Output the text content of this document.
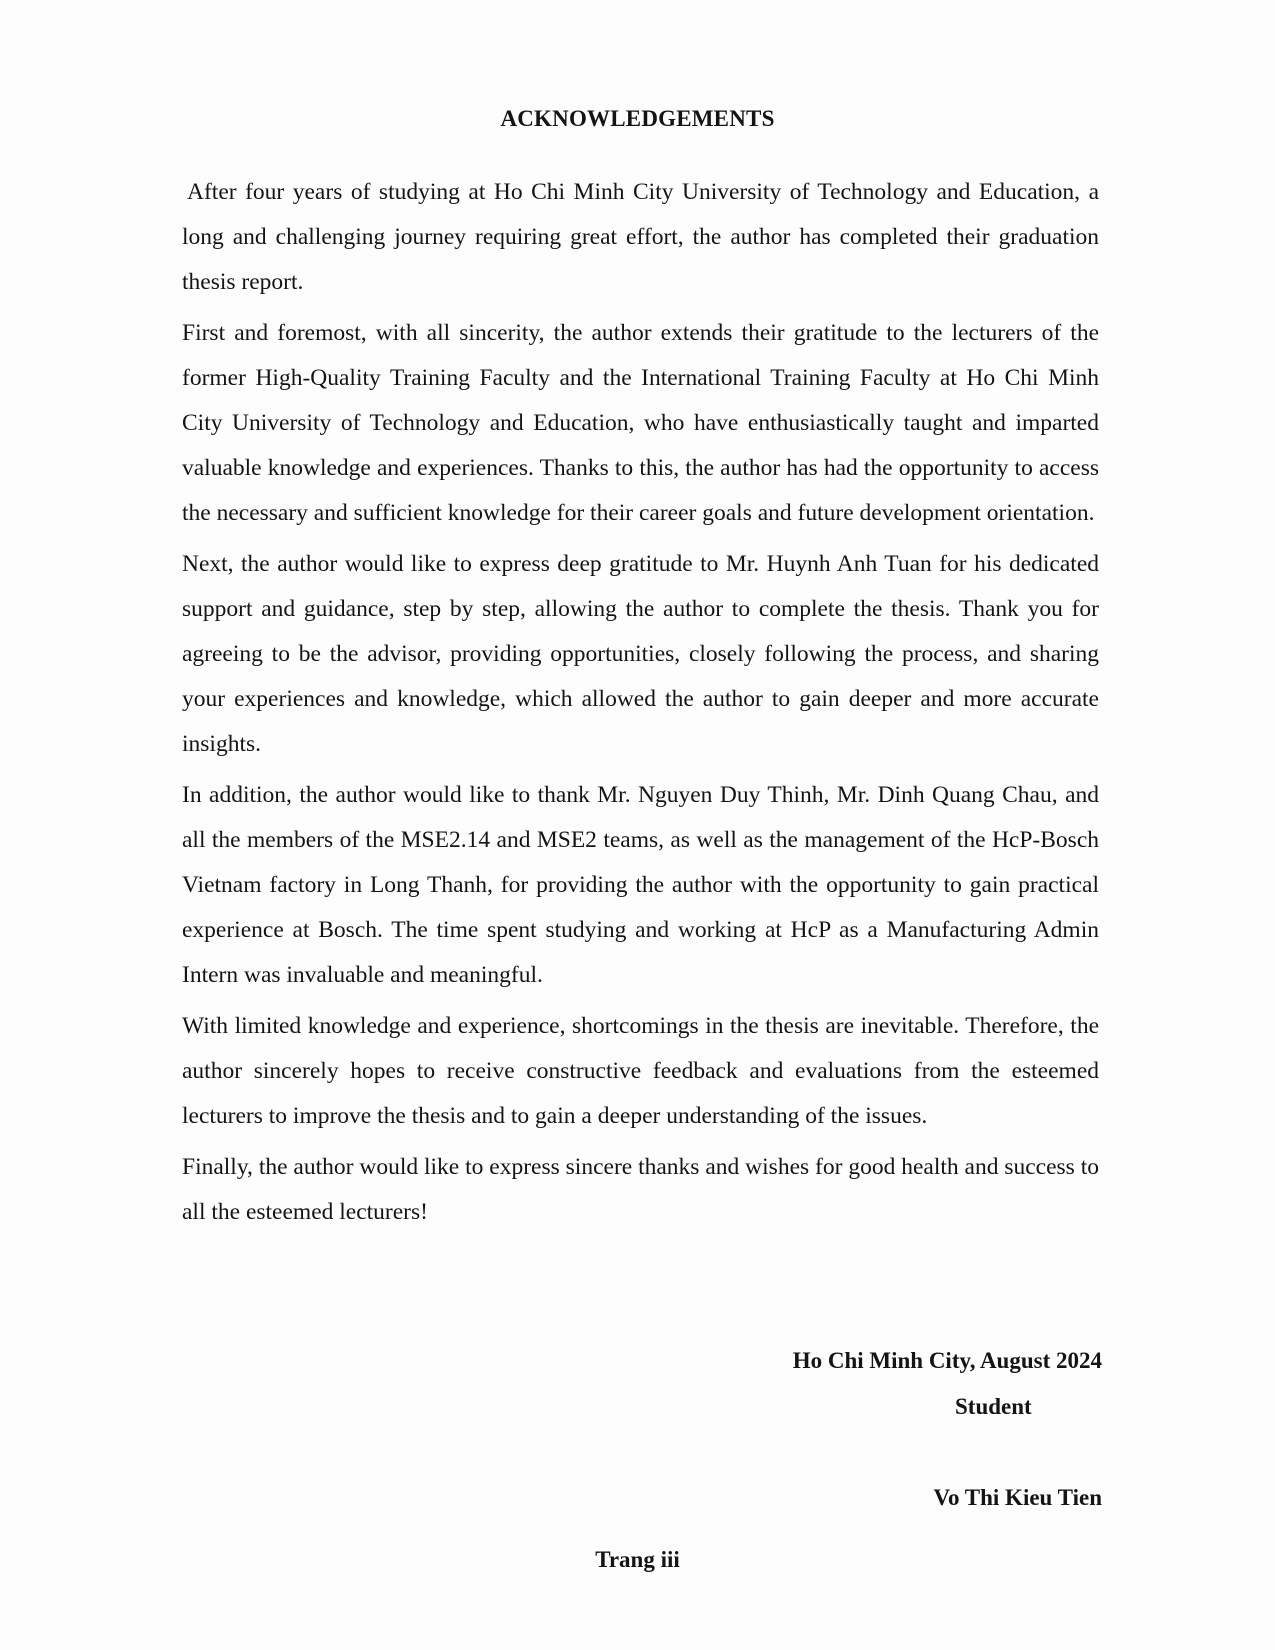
ACKNOWLEDGEMENTS

After four years of studying at Ho Chi Minh City University of Technology and Education, a long and challenging journey requiring great effort, the author has completed their graduation thesis report.

First and foremost, with all sincerity, the author extends their gratitude to the lecturers of the former High-Quality Training Faculty and the International Training Faculty at Ho Chi Minh City University of Technology and Education, who have enthusiastically taught and imparted valuable knowledge and experiences. Thanks to this, the author has had the opportunity to access the necessary and sufficient knowledge for their career goals and future development orientation.

Next, the author would like to express deep gratitude to Mr. Huynh Anh Tuan for his dedicated support and guidance, step by step, allowing the author to complete the thesis. Thank you for agreeing to be the advisor, providing opportunities, closely following the process, and sharing your experiences and knowledge, which allowed the author to gain deeper and more accurate insights.

In addition, the author would like to thank Mr. Nguyen Duy Thinh, Mr. Dinh Quang Chau, and all the members of the MSE2.14 and MSE2 teams, as well as the management of the HcP-Bosch Vietnam factory in Long Thanh, for providing the author with the opportunity to gain practical experience at Bosch. The time spent studying and working at HcP as a Manufacturing Admin Intern was invaluable and meaningful.

With limited knowledge and experience, shortcomings in the thesis are inevitable. Therefore, the author sincerely hopes to receive constructive feedback and evaluations from the esteemed lecturers to improve the thesis and to gain a deeper understanding of the issues.

Finally, the author would like to express sincere thanks and wishes for good health and success to all the esteemed lecturers!

Ho Chi Minh City, August 2024
Student
Vo Thi Kieu Tien
Trang iii
